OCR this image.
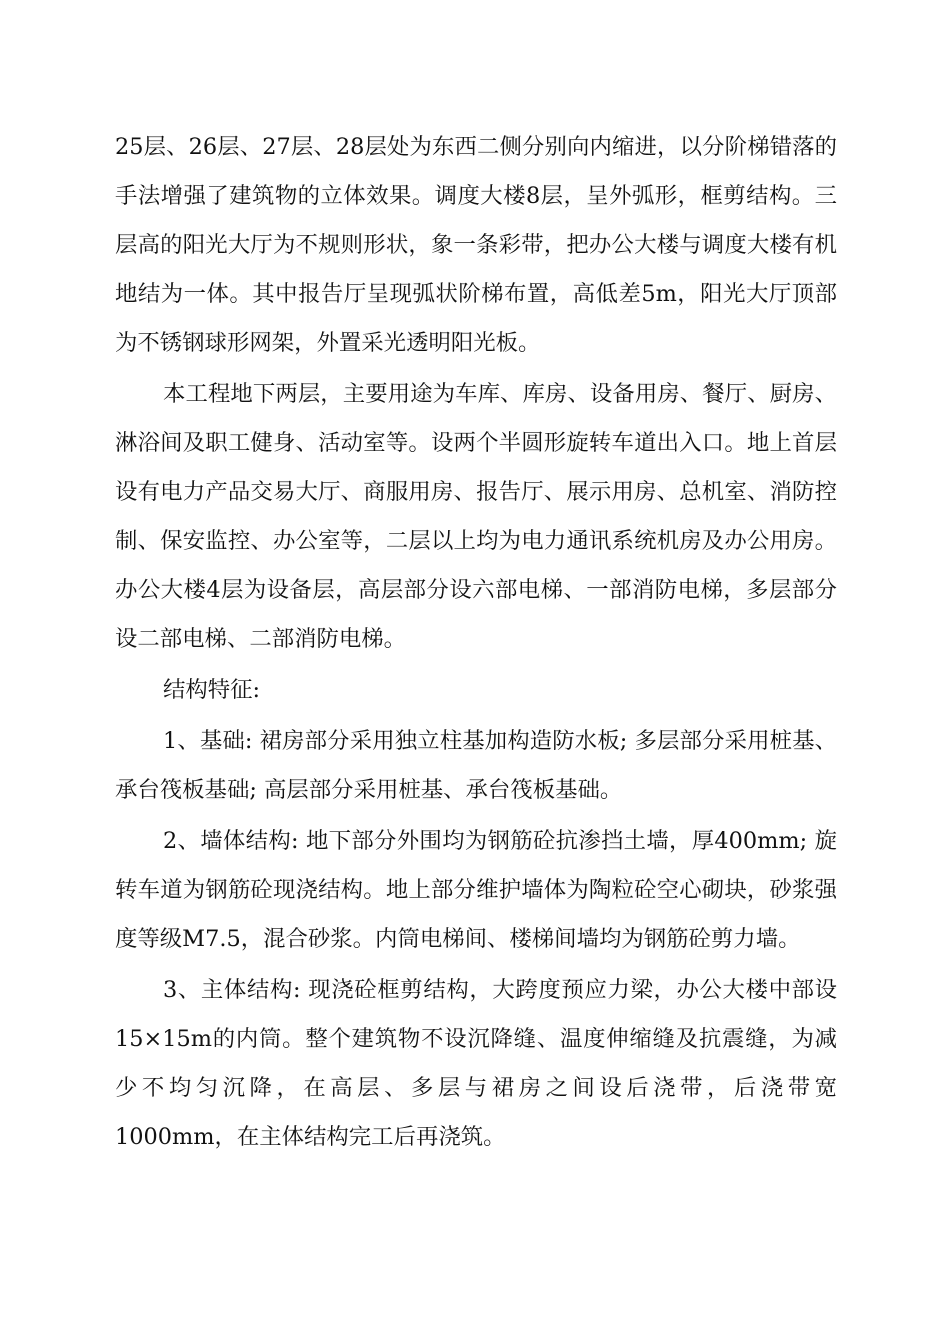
25层、26层、27层、28层处为东西二侧分别向内缩进，以分阶梯错落的手法增强了建筑物的立体效果。调度大楼8层，呈外弧形，框剪结构。三层高的阳光大厅为不规则形状，象一条彩带，把办公大楼与调度大楼有机地结为一体。其中报告厅呈现弧状阶梯布置，高低差5m，阳光大厅顶部为不锈钢球形网架，外置采光透明阳光板。

本工程地下两层，主要用途为车库、库房、设备用房、餐厅、厨房、淋浴间及职工健身、活动室等。设两个半圆形旋转车道出入口。地上首层设有电力产品交易大厅、商服用房、报告厅、展示用房、总机室、消防控制、保安监控、办公室等，二层以上均为电力通讯系统机房及办公用房。办公大楼4层为设备层，高层部分设六部电梯、一部消防电梯，多层部分设二部电梯、二部消防电梯。

结构特征:

1、基础: 裙房部分采用独立柱基加构造防水板; 多层部分采用桩基、承台筏板基础; 高层部分采用桩基、承台筏板基础。

2、墙体结构: 地下部分外围均为钢筋砼抗渗挡土墙，厚400mm; 旋转车道为钢筋砼现浇结构。地上部分维护墙体为陶粒砼空心砌块，砂浆强度等级M7.5，混合砂浆。内筒电梯间、楼梯间墙均为钢筋砼剪力墙。

3、主体结构: 现浇砼框剪结构，大跨度预应力梁，办公大楼中部设15×15m的内筒。整个建筑物不设沉降缝、温度伸缩缝及抗震缝，为减少不均匀沉降，在高层、多层与裙房之间设后浇带，后浇带宽1000mm，在主体结构完工后再浇筑。
